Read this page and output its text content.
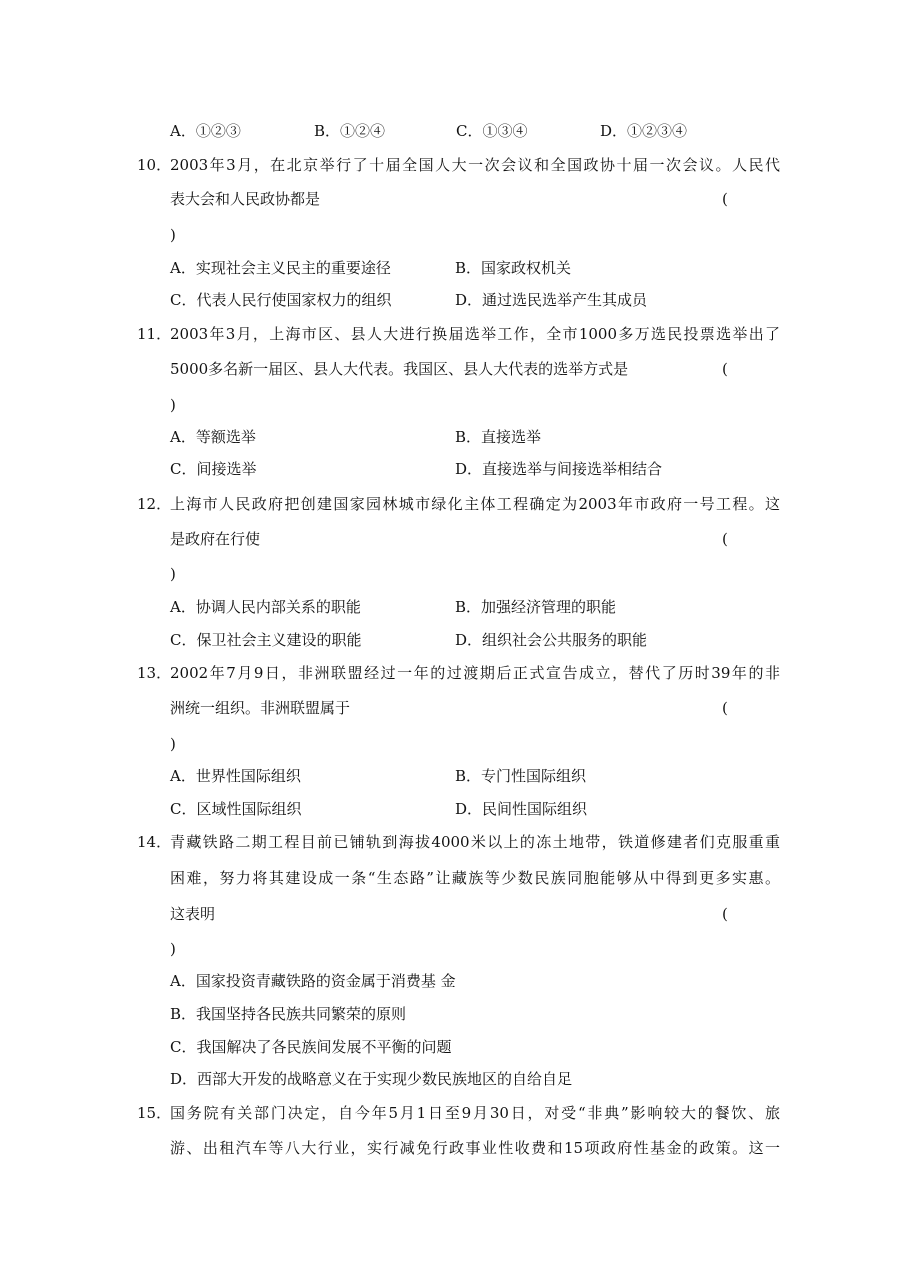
A．①②③	B．①②④	C．①③④	D．①②③④
10．
2003年3月，在北京举行了十届全国人大一次会议和全国政协十届一次会议。人民代
表大会和人民政协都是	(
)
A．实现社会主义民主的重要途径	B．国家政权机关
C．代表人民行使国家权力的组织	D．通过选民选举产生其成员
11．
2003年3月，上海市区、县人大进行换届选举工作，全市1000多万选民投票选举出了
5000多名新一届区、县人大代表。我国区、县人大代表的选举方式是	(
)
A．等额选举	B．直接选举
C．间接选举	D．直接选举与间接选举相结合
12．
上海市人民政府把创建国家园林城市绿化主体工程确定为2003年市政府一号工程。这
是政府在行使	(
)
A．协调人民内部关系的职能	B．加强经济管理的职能
C．保卫社会主义建设的职能	D．组织社会公共服务的职能
13．
2002年7月9日，非洲联盟经过一年的过渡期后正式宣告成立，替代了历时39年的非
洲统一组织。非洲联盟属于	(
)
A．世界性国际组织	B．专门性国际组织
C．区域性国际组织	D．民间性国际组织
14．
青藏铁路二期工程目前已铺轨到海拔4000米以上的冻土地带，铁道修建者们克服重重
困难，努力将其建设成一条“生态路”让藏族等少数民族同胞能够从中得到更多实惠。
这表明	(
)
A．国家投资青藏铁路的资金属于消费基 金
B．我国坚持各民族共同繁荣的原则
C．我国解决了各民族间发展不平衡的问题
D．西部大开发的战略意义在于实现少数民族地区的自给自足
15．
国务院有关部门决定，自今年5月1日至9月30日，对受“非典”影响较大的餐饮、旅
游、出租汽车等八大行业，实行减免行政事业性收费和15项政府性基金的政策。这一
